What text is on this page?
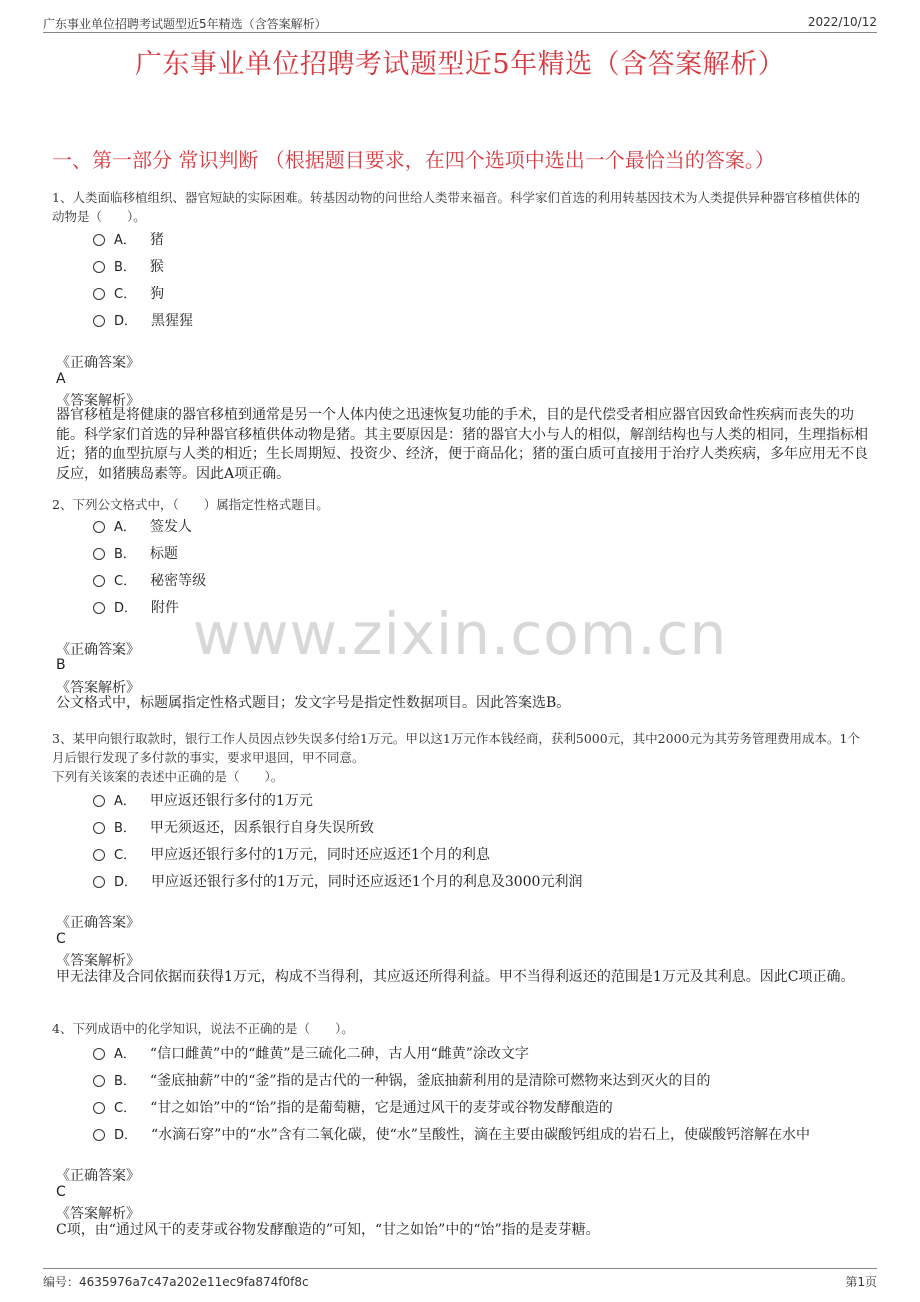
广东事业单位招聘考试题型近5年精选（含答案解析）	2022/10/12
广东事业单位招聘考试题型近5年精选（含答案解析）
一、第一部分 常识判断 （根据题目要求，在四个选项中选出一个最恰当的答案。）
www.zixin.com.cn
1、人类面临移植组织、器官短缺的实际困难。转基因动物的问世给人类带来福音。科学家们首选的利用转基因技术为人类提供异种器官移植供体的动物是（　　）。
A． 猪
B． 猴
C． 狗
D． 黑猩猩
《正确答案》
A
《答案解析》
器官移植是将健康的器官移植到通常是另一个人体内使之迅速恢复功能的手术，目的是代偿受者相应器官因致命性疾病而丧失的功能。科学家们首选的异种器官移植供体动物是猪。其主要原因是：猪的器官大小与人的相似，解剖结构也与人类的相同，生理指标相近；猪的血型抗原与人类的相近；生长周期短、投资少、经济，便于商品化；猪的蛋白质可直接用于治疗人类疾病，多年应用无不良反应，如猪胰岛素等。因此A项正确。
2、下列公文格式中，（　　）属指定性格式题目。
A． 签发人
B． 标题
C． 秘密等级
D． 附件
《正确答案》
B
《答案解析》
公文格式中，标题属指定性格式题目；发文字号是指定性数据项目。因此答案选B。
3、某甲向银行取款时，银行工作人员因点钞失误多付给1万元。甲以这1万元作本钱经商，获利5000元，其中2000元为其劳务管理费用成本。1个月后银行发现了多付款的事实，要求甲退回，甲不同意。
下列有关该案的表述中正确的是（　　）。
A． 甲应返还银行多付的1万元
B． 甲无须返还，因系银行自身失误所致
C． 甲应返还银行多付的1万元，同时还应返还1个月的利息
D． 甲应返还银行多付的1万元，同时还应返还1个月的利息及3000元利润
《正确答案》
C
《答案解析》
甲无法律及合同依据而获得1万元，构成不当得利，其应返还所得利益。甲不当得利返还的范围是1万元及其利息。因此C项正确。
4、下列成语中的化学知识，说法不正确的是（　　）。
A． “信口雌黄”中的“雌黄”是三硫化二砷，古人用“雌黄”涂改文字
B． “釜底抽薪”中的“釜”指的是古代的一种锅，釜底抽薪利用的是清除可燃物来达到灭火的目的
C． “甘之如饴”中的“饴”指的是葡萄糖，它是通过风干的麦芽或谷物发酵酿造的
D． “水滴石穿”中的“水”含有二氧化碳，使“水”呈酸性，滴在主要由碳酸钙组成的岩石上，使碳酸钙溶解在水中
《正确答案》
C
《答案解析》
C项，由“通过风干的麦芽或谷物发酵酿造的”可知，“甘之如饴”中的“饴”指的是麦芽糖。
编号：4635976a7c47a202e11ec9fa874f0f8c	第1页
